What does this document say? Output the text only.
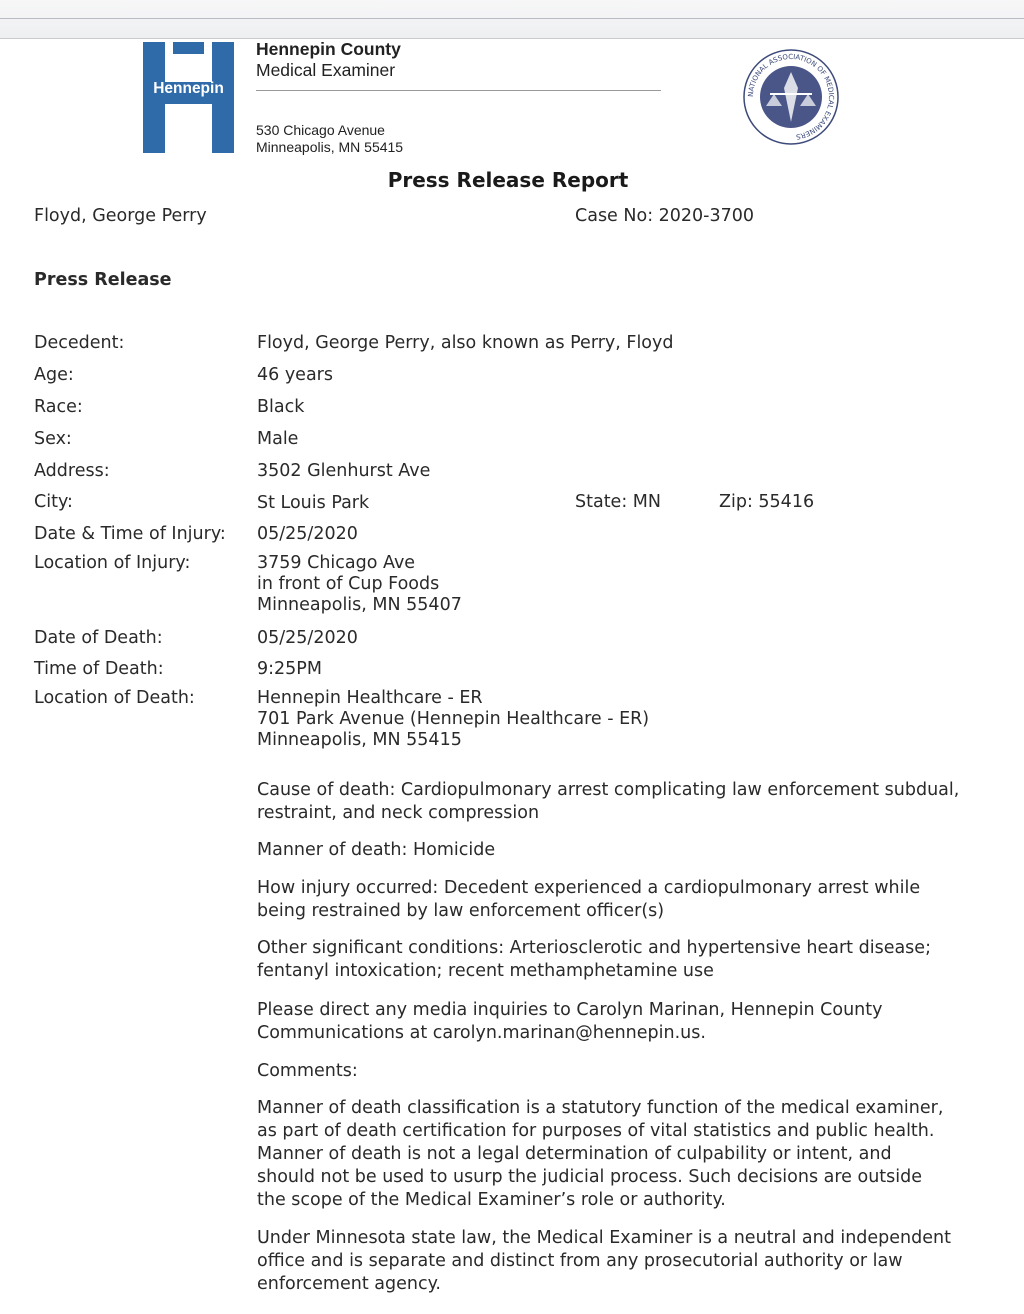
Hennepin
Hennepin County
Medical Examiner
530 Chicago Avenue
Minneapolis, MN 55415
NATIONAL ASSOCIATION OF MEDICAL EXAMINERS
Press Release Report
Floyd, George Perry	Case No: 2020-3700
Press Release
Decedent:	Floyd, George Perry, also known as Perry, Floyd
Age:	46 years
Race:	Black
Sex:	Male
Address:	3502 Glenhurst Ave
City:	St Louis Park	State: MN	Zip: 55416
Date & Time of Injury: 05/25/2020
Location of Injury:	3759 Chicago Ave
in front of Cup Foods
Minneapolis, MN 55407
Date of Death:	05/25/2020
Time of Death:	9:25PM
Location of Death:	Hennepin Healthcare - ER
701 Park Avenue (Hennepin Healthcare - ER)
Minneapolis, MN 55415
Cause of death: Cardiopulmonary arrest complicating law enforcement subdual,
restraint, and neck compression
Manner of death: Homicide
How injury occurred: Decedent experienced a cardiopulmonary arrest while
being restrained by law enforcement officer(s)
Other significant conditions: Arteriosclerotic and hypertensive heart disease;
fentanyl intoxication; recent methamphetamine use
Please direct any media inquiries to Carolyn Marinan, Hennepin County
Communications at carolyn.marinan@hennepin.us.
Comments:
Manner of death classification is a statutory function of the medical examiner,
as part of death certification for purposes of vital statistics and public health.
Manner of death is not a legal determination of culpability or intent, and
should not be used to usurp the judicial process. Such decisions are outside
the scope of the Medical Examiner’s role or authority.
Under Minnesota state law, the Medical Examiner is a neutral and independent
office and is separate and distinct from any prosecutorial authority or law
enforcement agency.
